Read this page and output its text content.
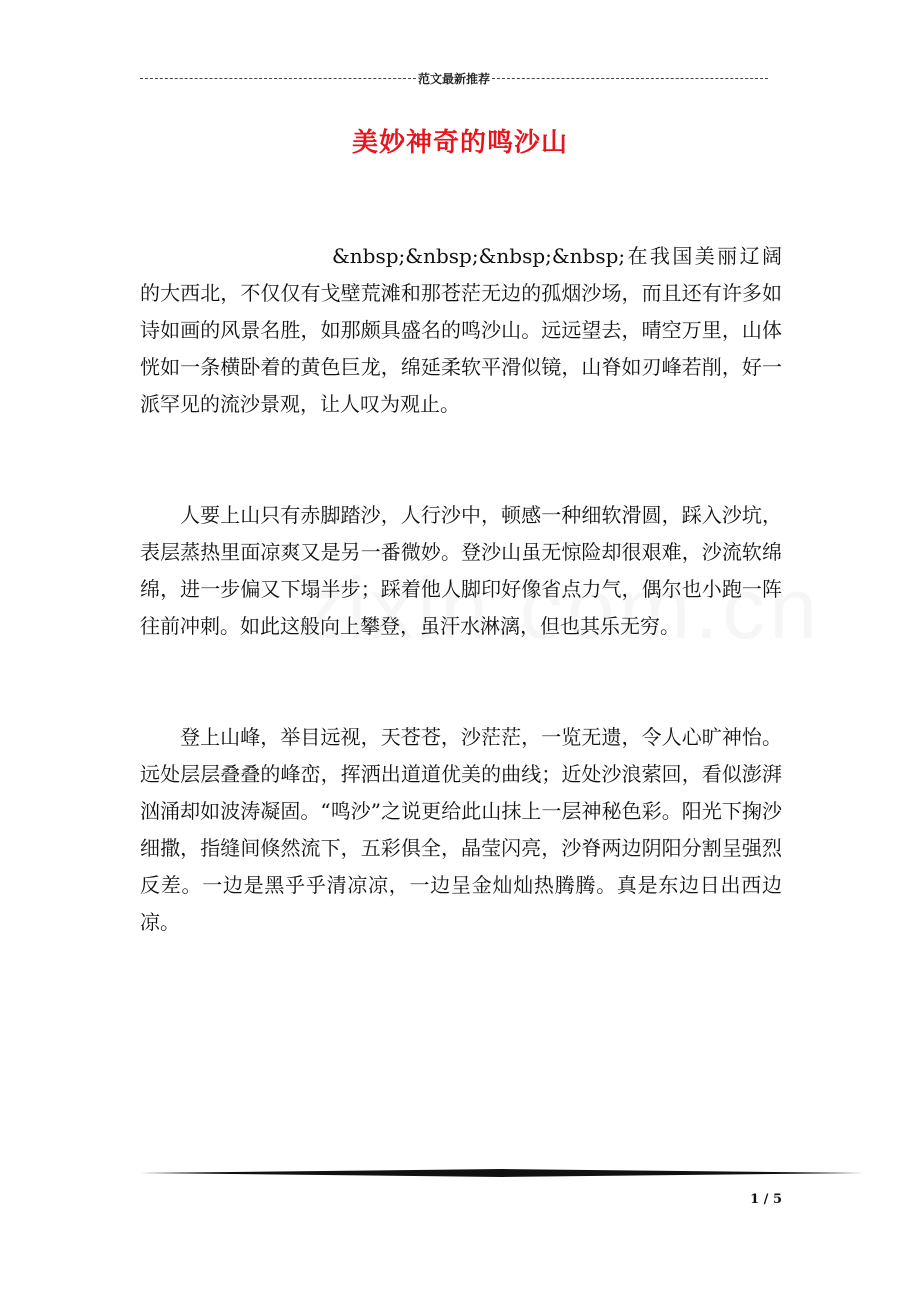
范文最新推荐
美妙神奇的鸣沙山

&nbsp;&nbsp;&nbsp;&nbsp;在我国美丽辽阔的大西北，不仅仅有戈壁荒滩和那苍茫无边的孤烟沙场，而且还有许多如诗如画的风景名胜，如那颇具盛名的鸣沙山。远远望去，晴空万里，山体恍如一条横卧着的黄色巨龙，绵延柔软平滑似镜，山脊如刃峰若削，好一派罕见的流沙景观，让人叹为观止。

人要上山只有赤脚踏沙，人行沙中，顿感一种细软滑圆，踩入沙坑，表层蒸热里面凉爽又是另一番微妙。登沙山虽无惊险却很艰难，沙流软绵绵，进一步偏又下塌半步；踩着他人脚印好像省点力气，偶尔也小跑一阵往前冲刺。如此这般向上攀登，虽汗水淋漓，但也其乐无穷。

登上山峰，举目远视，天苍苍，沙茫茫，一览无遗，令人心旷神怡。远处层层叠叠的峰峦，挥洒出道道优美的曲线；近处沙浪萦回，看似澎湃汹涌却如波涛凝固。“鸣沙”之说更给此山抹上一层神秘色彩。阳光下掬沙细撒，指缝间倏然流下，五彩俱全，晶莹闪亮，沙脊两边阴阳分割呈强烈反差。一边是黑乎乎清凉凉，一边呈金灿灿热腾腾。真是东边日出西边凉。

1 / 5
